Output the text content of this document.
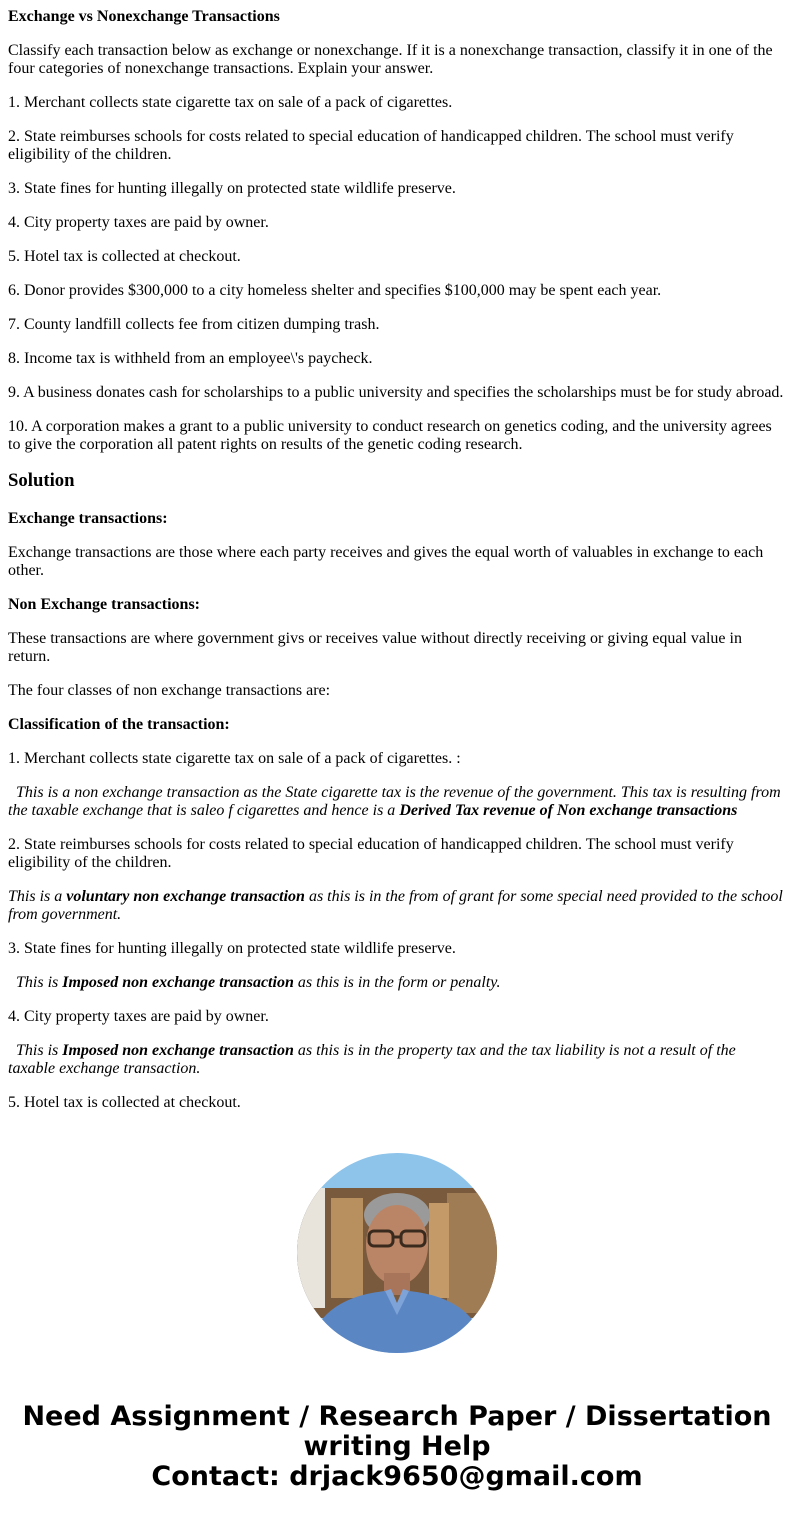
Exchange vs Nonexchange Transactions

Classify each transaction below as exchange or nonexchange. If it is a nonexchange transaction, classify it in one of the four categories of nonexchange transactions. Explain your answer.

1. Merchant collects state cigarette tax on sale of a pack of cigarettes.

2. State reimburses schools for costs related to special education of handicapped children. The school must verify eligibility of the children.

3. State fines for hunting illegally on protected state wildlife preserve.

4. City property taxes are paid by owner.

5. Hotel tax is collected at checkout.

6. Donor provides $300,000 to a city homeless shelter and specifies $100,000 may be spent each year.

7. County landfill collects fee from citizen dumping trash.

8. Income tax is withheld from an employee\'s paycheck.

9. A business donates cash for scholarships to a public university and specifies the scholarships must be for study abroad.

10. A corporation makes a grant to a public university to conduct research on genetics coding, and the university agrees to give the corporation all patent rights on results of the genetic coding research.

Solution

Exchange transactions:

Exchange transactions are those where each party receives and gives the equal worth of valuables in exchange to each other.

Non Exchange transactions:

These transactions are where government givs or receives value without directly receiving or giving equal value in return.

The four classes of non exchange transactions are:

Classification of the transaction:

1. Merchant collects state cigarette tax on sale of a pack of cigarettes. :

This is a non exchange transaction as the State cigarette tax is the revenue of the government. This tax is resulting from the taxable exchange that is saleo f cigarettes and hence is a Derived Tax revenue of Non exchange transactions

2. State reimburses schools for costs related to special education of handicapped children. The school must verify eligibility of the children.

This is a voluntary non exchange transaction as this is in the from of grant for some special need provided to the school from government.

3. State fines for hunting illegally on protected state wildlife preserve.

This is Imposed non exchange transaction as this is in the form or penalty.

4. City property taxes are paid by owner.

This is Imposed non exchange transaction as this is in the property tax and the tax liability is not a result of the taxable exchange transaction.

5. Hotel tax is collected at checkout.

Need Assignment / Research Paper / Dissertation
writing Help
Contact: drjack9650@gmail.com
